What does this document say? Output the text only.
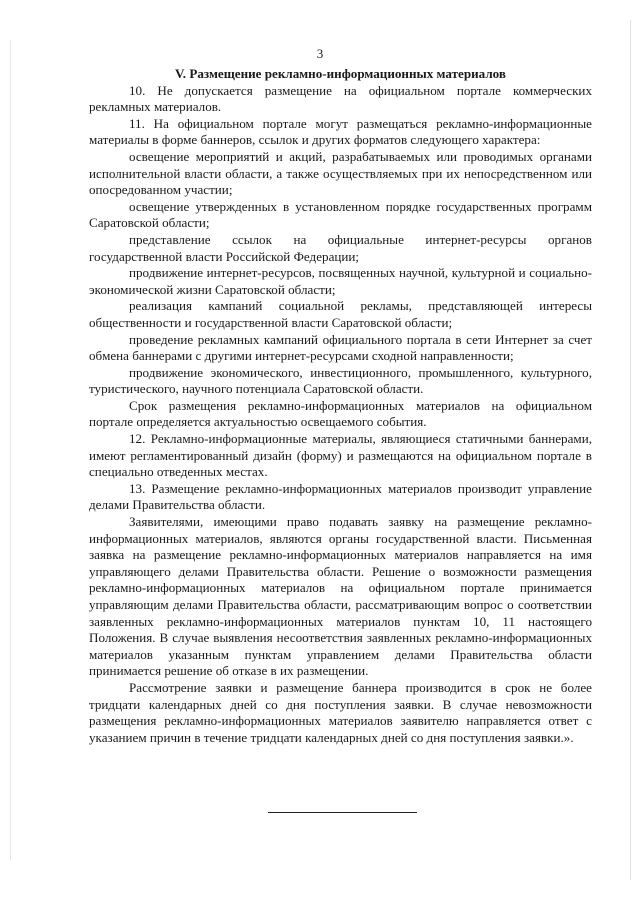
3
V. Размещение рекламно-информационных материалов

10. Не допускается размещение на официальном портале коммерческих рекламных материалов.

11. На официальном портале могут размещаться рекламно-информационные материалы в форме баннеров, ссылок и других форматов следующего характера:

освещение мероприятий и акций, разрабатываемых или проводимых органами исполнительной власти области, а также осуществляемых при их непосредственном или опосредованном участии;

освещение утвержденных в установленном порядке государственных программ Саратовской области;

представление ссылок на официальные интернет-ресурсы органов государственной власти Российской Федерации;

продвижение интернет-ресурсов, посвященных научной, культурной и социально-экономической жизни Саратовской области;

реализация кампаний социальной рекламы, представляющей интересы общественности и государственной власти Саратовской области;

проведение рекламных кампаний официального портала в сети Интернет за счет обмена баннерами с другими интернет-ресурсами сходной направленности;

продвижение экономического, инвестиционного, промышленного, культурного, туристического, научного потенциала Саратовской области.

Срок размещения рекламно-информационных материалов на официальном портале определяется актуальностью освещаемого события.

12. Рекламно-информационные материалы, являющиеся статичными баннерами, имеют регламентированный дизайн (форму) и размещаются на официальном портале в специально отведенных местах.

13. Размещение рекламно-информационных материалов производит управление делами Правительства области.

Заявителями, имеющими право подавать заявку на размещение рекламно-информационных материалов, являются органы государственной власти. Письменная заявка на размещение рекламно-информационных материалов направляется на имя управляющего делами Правительства области. Решение о возможности размещения рекламно-информационных материалов на официальном портале принимается управляющим делами Правительства области, рассматривающим вопрос о соответствии заявленных рекламно-информационных материалов пунктам 10, 11 настоящего Положения. В случае выявления несоответствия заявленных рекламно-информационных материалов указанным пунктам управлением делами Правительства области принимается решение об отказе в их размещении.

Рассмотрение заявки и размещение баннера производится в срок не более тридцати календарных дней со дня поступления заявки. В случае невозможности размещения рекламно-информационных материалов заявителю направляется ответ с указанием причин в течение тридцати календарных дней со дня поступления заявки.».
